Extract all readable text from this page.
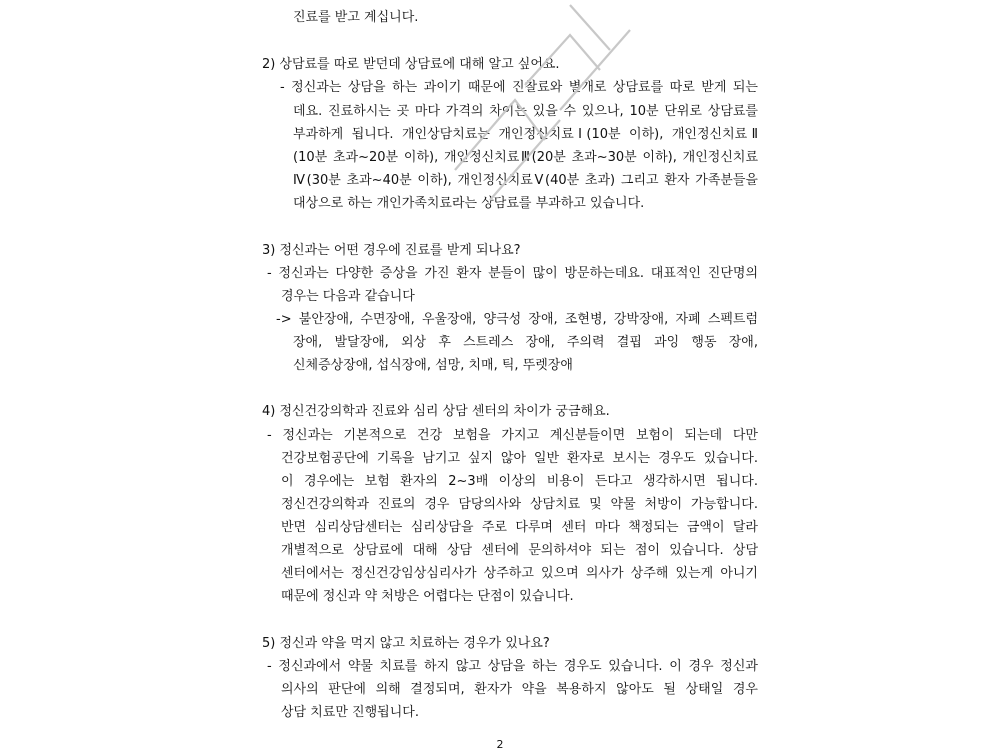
진료를 받고 계십니다.
2) 상담료를 따로 받던데 상담료에 대해 알고 싶어요.
- 정신과는 상담을 하는 과이기 때문에 진찰료와 별개로 상담료를 따로 받게 되는
데요. 진료하시는 곳 마다 가격의 차이는 있을 수 있으나, 10분 단위로 상담료를
부과하게 됩니다. 개인상담치료는 개인정신치료Ⅰ(10분 이하), 개인정신치료Ⅱ
(10분 초과~20분 이하), 개인정신치료Ⅲ(20분 초과~30분 이하), 개인정신치료
Ⅳ(30분 초과~40분 이하), 개인정신치료Ⅴ(40분 초과) 그리고 환자 가족분들을
대상으로 하는 개인가족치료라는 상담료를 부과하고 있습니다.
3) 정신과는 어떤 경우에 진료를 받게 되나요?
- 정신과는 다양한 증상을 가진 환자 분들이 많이 방문하는데요. 대표적인 진단명의
경우는 다음과 같습니다
-> 불안장애, 수면장애, 우울장애, 양극성 장애, 조현병, 강박장애, 자폐 스펙트럼
장애, 발달장애, 외상 후 스트레스 장애, 주의력 결핍 과잉 행동 장애,
신체증상장애, 섭식장애, 섬망, 치매, 틱, 뚜렛장애
4) 정신건강의학과 진료와 심리 상담 센터의 차이가 궁금해요.
- 정신과는 기본적으로 건강 보험을 가지고 계신분들이면 보험이 되는데 다만
건강보험공단에 기록을 남기고 싶지 않아 일반 환자로 보시는 경우도 있습니다.
이 경우에는 보험 환자의 2~3배 이상의 비용이 든다고 생각하시면 됩니다.
정신건강의학과 진료의 경우 담당의사와 상담치료 및 약물 처방이 가능합니다.
반면 심리상담센터는 심리상담을 주로 다루며 센터 마다 책정되는 금액이 달라
개별적으로 상담료에 대해 상담 센터에 문의하셔야 되는 점이 있습니다. 상담
센터에서는 정신건강임상심리사가 상주하고 있으며 의사가 상주해 있는게 아니기
때문에 정신과 약 처방은 어렵다는 단점이 있습니다.
5) 정신과 약을 먹지 않고 치료하는 경우가 있나요?
- 정신과에서 약물 치료를 하지 않고 상담을 하는 경우도 있습니다. 이 경우 정신과
의사의 판단에 의해 결정되며, 환자가 약을 복용하지 않아도 될 상태일 경우
상담 치료만 진행됩니다.
2
